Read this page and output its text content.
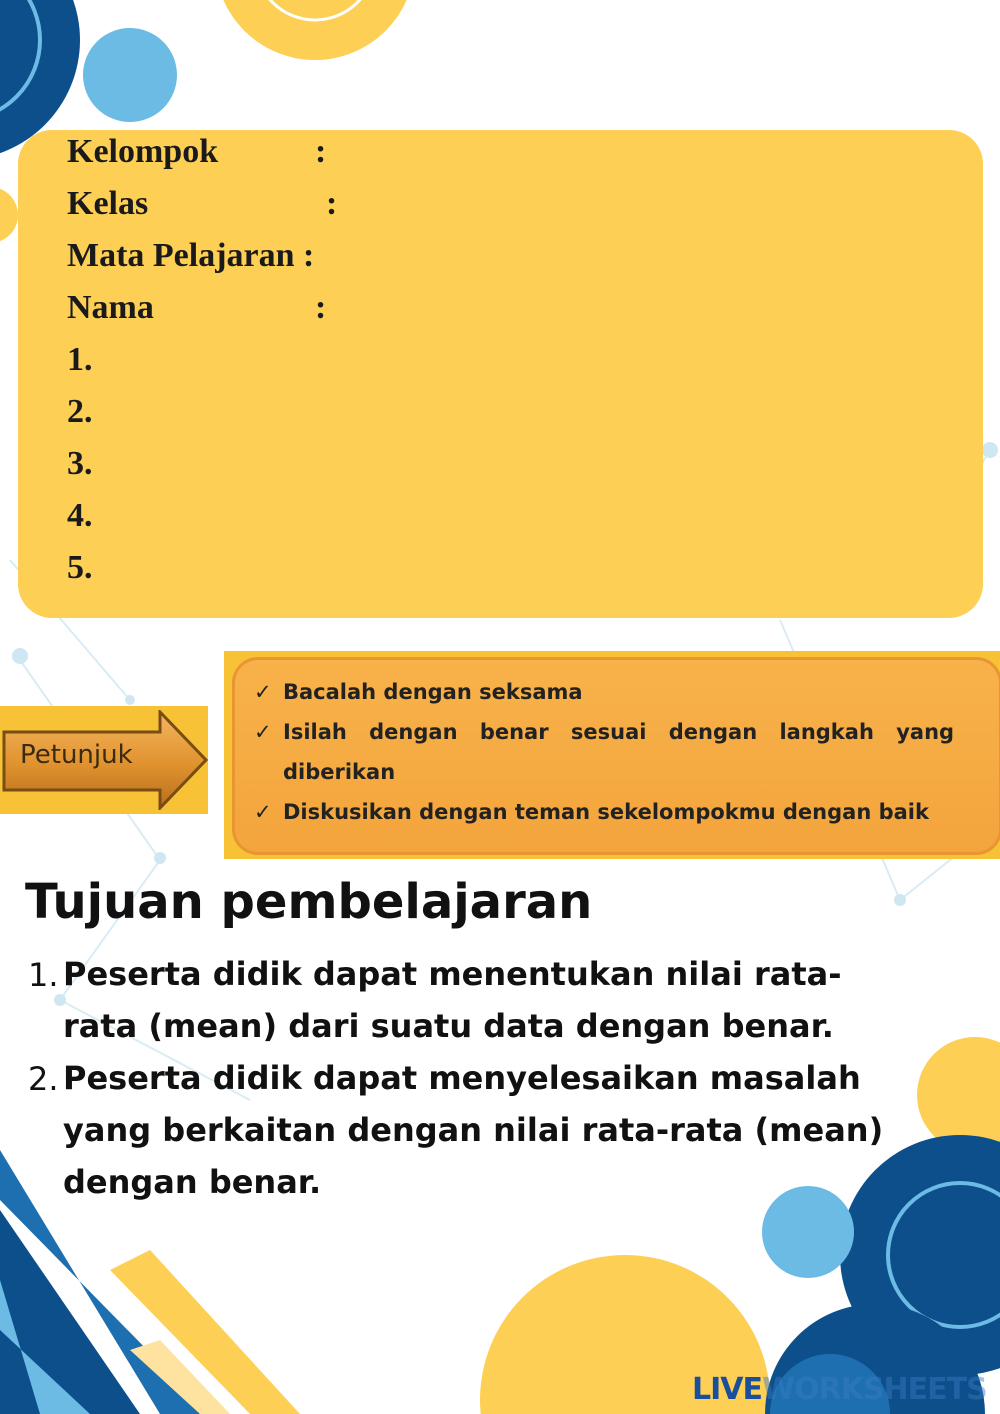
Kelompok	:
Kelas	:
Mata Pelajaran :
Nama	:
1.
2.
3.
4.
5.
Petunjuk
✓ Bacalah dengan seksama
✓ Isilah dengan benar sesuai dengan langkah yang
diberikan
✓ Diskusikan dengan teman sekelompokmu dengan baik
Tujuan pembelajaran
1. Peserta didik dapat menentukan nilai rata-
rata (mean) dari suatu data dengan benar.
2. Peserta didik dapat menyelesaikan masalah
yang berkaitan dengan nilai rata-rata (mean)
dengan benar.
LIVEWORKSHEETS
